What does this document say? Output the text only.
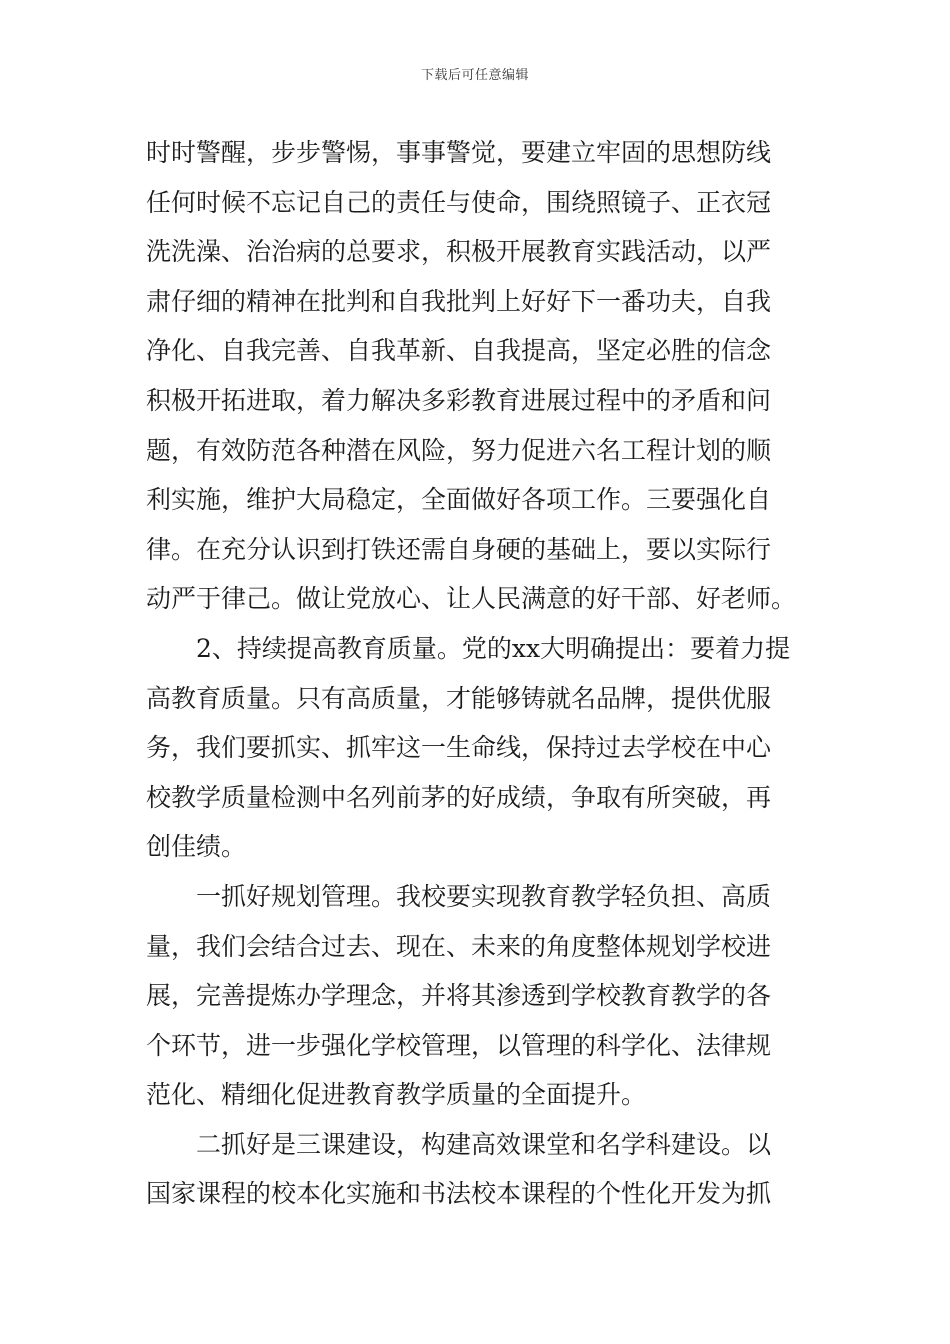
下载后可任意编辑
时时警醒，步步警惕，事事警觉，要建立牢固的思想防线
任何时候不忘记自己的责任与使命，围绕照镜子、正衣冠
洗洗澡、治治病的总要求，积极开展教育实践活动，以严
肃仔细的精神在批判和自我批判上好好下一番功夫，自我
净化、自我完善、自我革新、自我提高，坚定必胜的信念
积极开拓进取，着力解决多彩教育进展过程中的矛盾和问
题，有效防范各种潜在风险，努力促进六名工程计划的顺
利实施，维护大局稳定，全面做好各项工作。三要强化自
律。在充分认识到打铁还需自身硬的基础上，要以实际行
动严于律己。做让党放心、让人民满意的好干部、好老师。
2、持续提高教育质量。党的xx大明确提出：要着力提
高教育质量。只有高质量，才能够铸就名品牌，提供优服
务，我们要抓实、抓牢这一生命线，保持过去学校在中心
校教学质量检测中名列前茅的好成绩，争取有所突破，再
创佳绩。
一抓好规划管理。我校要实现教育教学轻负担、高质
量，我们会结合过去、现在、未来的角度整体规划学校进
展，完善提炼办学理念，并将其渗透到学校教育教学的各
个环节，进一步强化学校管理，以管理的科学化、法律规
范化、精细化促进教育教学质量的全面提升。
二抓好是三课建设，构建高效课堂和名学科建设。以
国家课程的校本化实施和书法校本课程的个性化开发为抓
